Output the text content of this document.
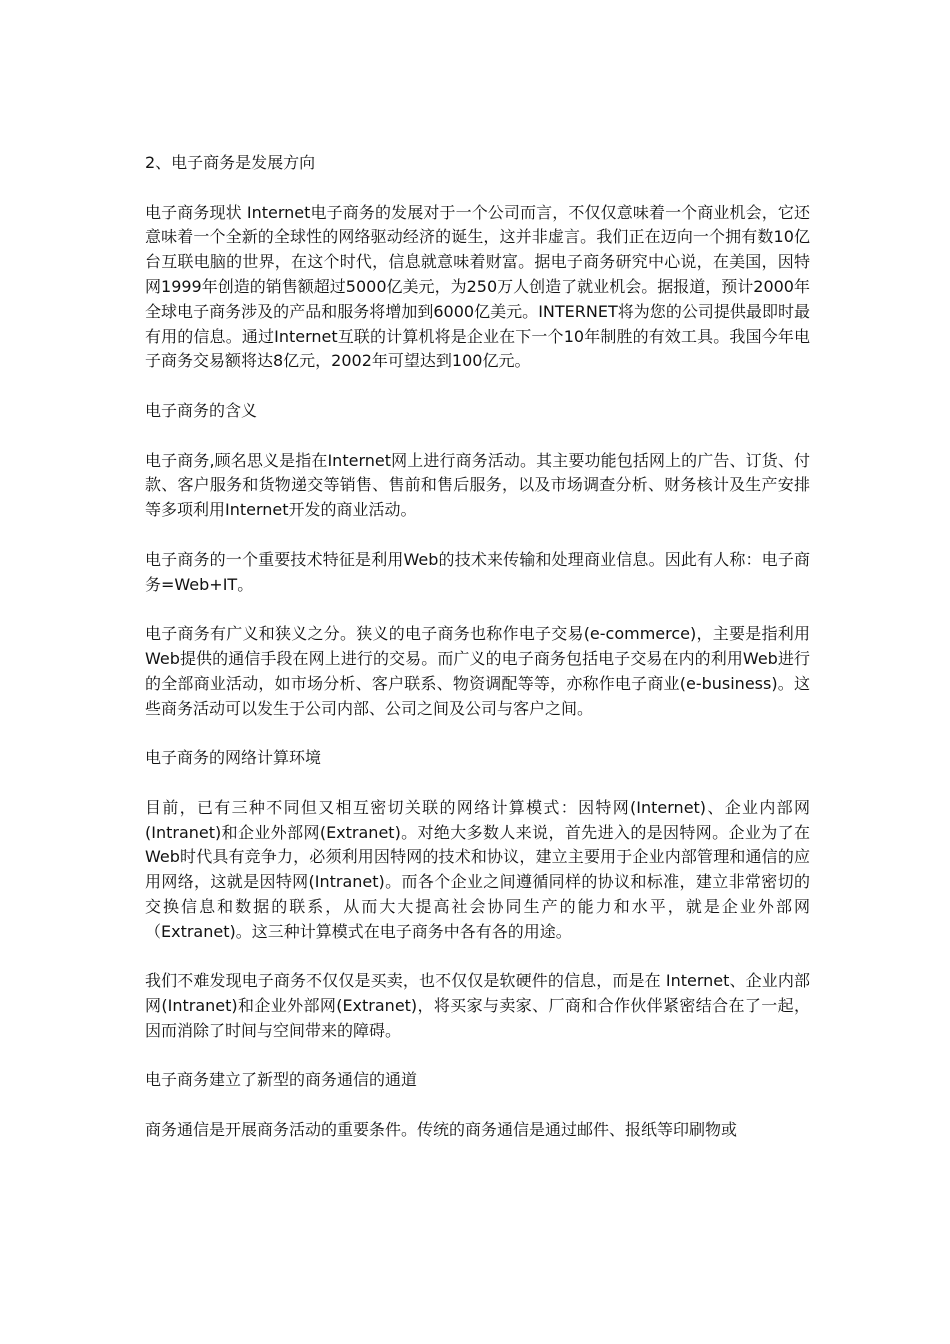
2、电子商务是发展方向

电子商务现状 Internet电子商务的发展对于一个公司而言，不仅仅意味着一个商业机会，它还意味着一个全新的全球性的网络驱动经济的诞生，这并非虚言。我们正在迈向一个拥有数10亿台互联电脑的世界，在这个时代，信息就意味着财富。据电子商务研究中心说，在美国，因特网1999年创造的销售额超过5000亿美元，为250万人创造了就业机会。据报道，预计2000年全球电子商务涉及的产品和服务将增加到6000亿美元。INTERNET将为您的公司提供最即时最有用的信息。通过Internet互联的计算机将是企业在下一个10年制胜的有效工具。我国今年电子商务交易额将达8亿元，2002年可望达到100亿元。

电子商务的含义

电子商务,顾名思义是指在Internet网上进行商务活动。其主要功能包括网上的广告、订货、付款、客户服务和货物递交等销售、售前和售后服务，以及市场调查分析、财务核计及生产安排等多项利用Internet开发的商业活动。

电子商务的一个重要技术特征是利用Web的技术来传输和处理商业信息。因此有人称：电子商务=Web+IT。

电子商务有广义和狭义之分。狭义的电子商务也称作电子交易(e-commerce)，主要是指利用Web提供的通信手段在网上进行的交易。而广义的电子商务包括电子交易在内的利用Web进行的全部商业活动，如市场分析、客户联系、物资调配等等，亦称作电子商业(e-business)。这些商务活动可以发生于公司内部、公司之间及公司与客户之间。

电子商务的网络计算环境

目前，已有三种不同但又相互密切关联的网络计算模式：因特网(Internet)、企业内部网(Intranet)和企业外部网(Extranet)。对绝大多数人来说，首先进入的是因特网。企业为了在Web时代具有竞争力，必须利用因特网的技术和协议，建立主要用于企业内部管理和通信的应用网络，这就是因特网(Intranet)。而各个企业之间遵循同样的协议和标准，建立非常密切的交换信息和数据的联系，从而大大提高社会协同生产的能力和水平，就是企业外部网（Extranet)。这三种计算模式在电子商务中各有各的用途。

我们不难发现电子商务不仅仅是买卖，也不仅仅是软硬件的信息，而是在 Internet、企业内部网(Intranet)和企业外部网(Extranet)，将买家与卖家、厂商和合作伙伴紧密结合在了一起，因而消除了时间与空间带来的障碍。

电子商务建立了新型的商务通信的通道

商务通信是开展商务活动的重要条件。传统的商务通信是通过邮件、报纸等印刷物或
